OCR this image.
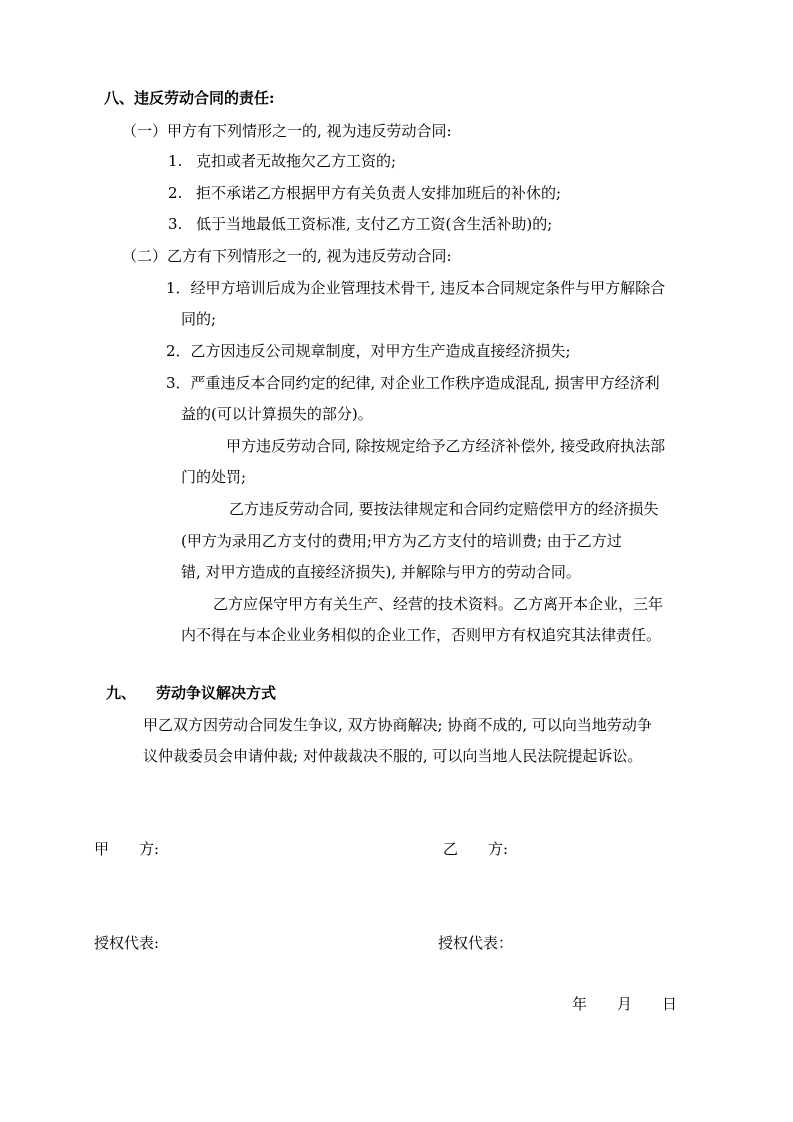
八、违反劳动合同的责任:
（一）甲方有下列情形之一的, 视为违反劳动合同:
1. 克扣或者无故拖欠乙方工资的;
2. 拒不承诺乙方根据甲方有关负责人安排加班后的补休的;
3. 低于当地最低工资标准, 支付乙方工资(含生活补助)的;
（二）乙方有下列情形之一的, 视为违反劳动合同:
1．经甲方培训后成为企业管理技术骨干, 违反本合同规定条件与甲方解除合
同的;
2．乙方因违反公司规章制度，对甲方生产造成直接经济损失;
3．严重违反本合同约定的纪律, 对企业工作秩序造成混乱, 损害甲方经济利
益的(可以计算损失的部分)。
甲方违反劳动合同, 除按规定给予乙方经济补偿外, 接受政府执法部
门的处罚;
乙方违反劳动合同, 要按法律规定和合同约定赔偿甲方的经济损失
(甲方为录用乙方支付的费用;甲方为乙方支付的培训费; 由于乙方过
错, 对甲方造成的直接经济损失), 并解除与甲方的劳动合同。
乙方应保守甲方有关生产、经营的技术资料。乙方离开本企业，三年
内不得在与本企业业务相似的企业工作，否则甲方有权追究其法律责任。
九、 劳动争议解决方式
甲乙双方因劳动合同发生争议, 双方协商解决; 协商不成的, 可以向当地劳动争
议仲裁委员会申请仲裁; 对仲裁裁决不服的, 可以向当地人民法院提起诉讼。
甲　　方:	乙　　方:
授权代表:	授权代表：
年　　月　　日
